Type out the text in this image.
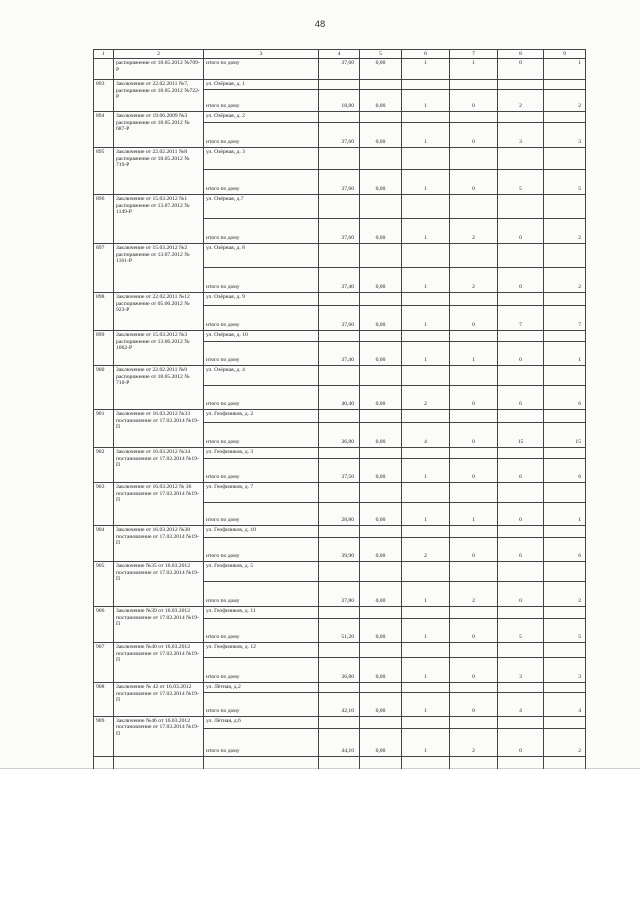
48
1	2	3	4	5	6	7	8	9
	распоряжение от 18.05.2012 №709-Р	итого по дому	37,60	0,00	1	1	0	1
893	Заключение от 22.02.2011 №7, распоряжение от 18.05.2012 №722-Р	ул. Озёрная, д. 1						
		итого по дому	18,80	0,00	1	0	2	2
894	Заключение от 19.06.2009 №3 распоряжение от 18.05.2012 № 687-Р	ул. Озёрная, д. 2						
		итого по дому	37,60	0,00	1	0	3	3
895	Заключение от 22.02.2011 №8 распоряжение от 18.05.2012 № 719-Р	ул. Озёрная, д. 3						
		итого по дому	37,60	0,00	1	0	5	5
896	Заключение от 15.03.2012 №1 распоряжение от 13.07.2012 № 1149-Р	ул. Озёрная, д.7						
		итого по дому	37,60	0,00	1	2	0	2
897	Заключение от 15.03.2012 №2 распоряжение от 13.07.2012 № 1161-Р	ул. Озёрная, д. 8						
		итого по дому	37,40	0,00	1	2	0	2
898	Заключение от 22.02.2011 №12 распоряжение от 05.06.2012 № 923-Р	ул. Озёрная, д. 9						
		итого по дому	37,60	0,00	1	0	7	7
899	Заключение от 15.03.2012 №3 распоряжение от 13.06.2012 № 1062-Р	ул. Озёрная, д. 10						
		итого по дому	37,40	0,00	1	1	0	1
900	Заключение от 22.02.2011 №9 распоряжение от 18.05.2012 № 710-Р	ул. Озёрная, д. 4						
		итого по дому	40,40	0,00	2	0	6	6
901	Заключение от 16.03.2012 №33 постановление от 17.03.2014 №19-П	ул. Геофизиков, д. 2						
		итого по дому	36,80	0,00	4	0	15	15
902	Заключение от 16.03.2012 №34 постановление от 17.03.2014 №19-П	ул. Геофизиков, д. 3						
		итого по дому	37,50	0,00	1	0	6	6
903	Заключение от 16.03.2012 № 36 постановление от 17.03.2014 №19-П	ул. Геофизиков, д. 7						
		итого по дому	28,80	0,00	1	1	0	1
904	Заключение от 16.03.2012 №38 постановление от 17.03.2014 №19-П	ул. Геофизиков, д. 10						
		итого по дому	39,90	0,00	2	0	6	6
905	Заключение №35 от 16.03.2012 постановление от 17.03.2014 №19-П	ул. Геофизиков, д. 5						
		итого по дому	37,80	0,00	1	2	0	2
906	Заключение №39 от 16.03.2012 постановление от 17.03.2014 №19-П	ул. Геофизиков, д. 11						
		итого по дому	51,20	0,00	1	0	5	5
907	Заключение №40 от 16.03.2012 постановление от 17.03.2014 №19-П	ул. Геофизиков, д. 12						
		итого по дому	36,80	0,00	1	0	3	3
908	Заключение № 42 от 16.03.2012 постановление от 17.03.2014 №19-П	ул. Лётная, д.2						
		итого по дому	42,10	0,00	1	0	4	4
909	Заключение №46 от 16.03.2012 постановление от 17.03.2014 №19-П	ул. Лётная, д.6						
		итого по дому	44,10	0,00	1	2	0	2
